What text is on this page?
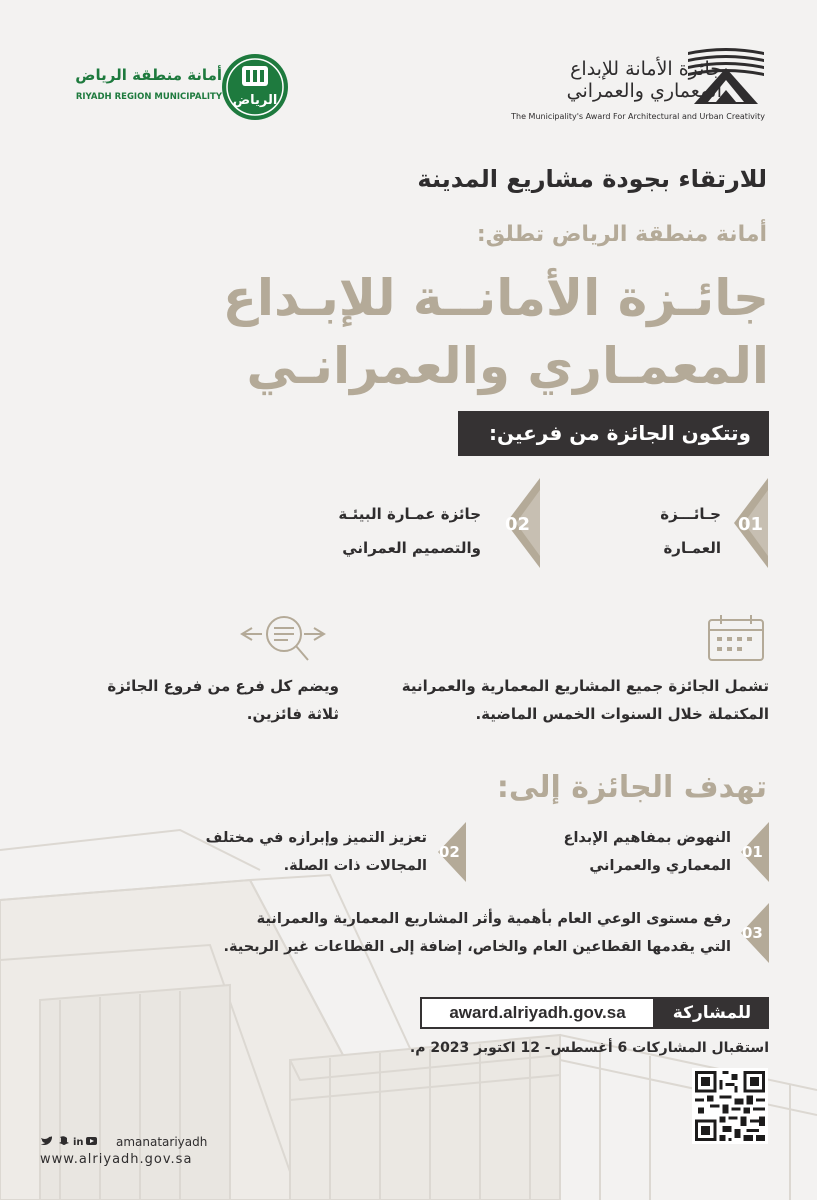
جائزة الأمانة للإبداع
المعماري والعمراني
The Municipality's Award For Architectural and Urban Creativity
الرياض
أمانة منطقة الرياض
RIYADH REGION MUNICIPALITY
للارتقاء بجودة مشاريع المدينة
أمانة منطقة الرياض تطلق:
جائـزة الأمانــة للإبـداع
المعمـاري والعمرانـي
وتتكون الجائزة من فرعين:
01
جـائـــزة
العمـارة
02
جائزة عمـارة البيئـة
والتصميم العمراني
تشمل الجائزة جميع المشاريع المعمارية والعمرانية
المكتملة خلال السنوات الخمس الماضية.
ويضم كل فرع من فروع الجائزة
ثلاثة فائزين.
تهدف الجائزة إلى:
01
النهوض بمفاهيم الإبداع
المعماري والعمراني
02
تعزيز التميز وإبرازه في مختلف
المجالات ذات الصلة.
03
رفع مستوى الوعي العام بأهمية وأثر المشاريع المعمارية والعمرانية
التي يقدمها القطاعين العام والخاص، إضافة إلى القطاعات غير الربحية.
للمشاركة
award.alriyadh.gov.sa
استقبال المشاركات 6 أغسطس- 12 اكتوبر 2023 م.
in	amanatariyadh
www.alriyadh.gov.sa
